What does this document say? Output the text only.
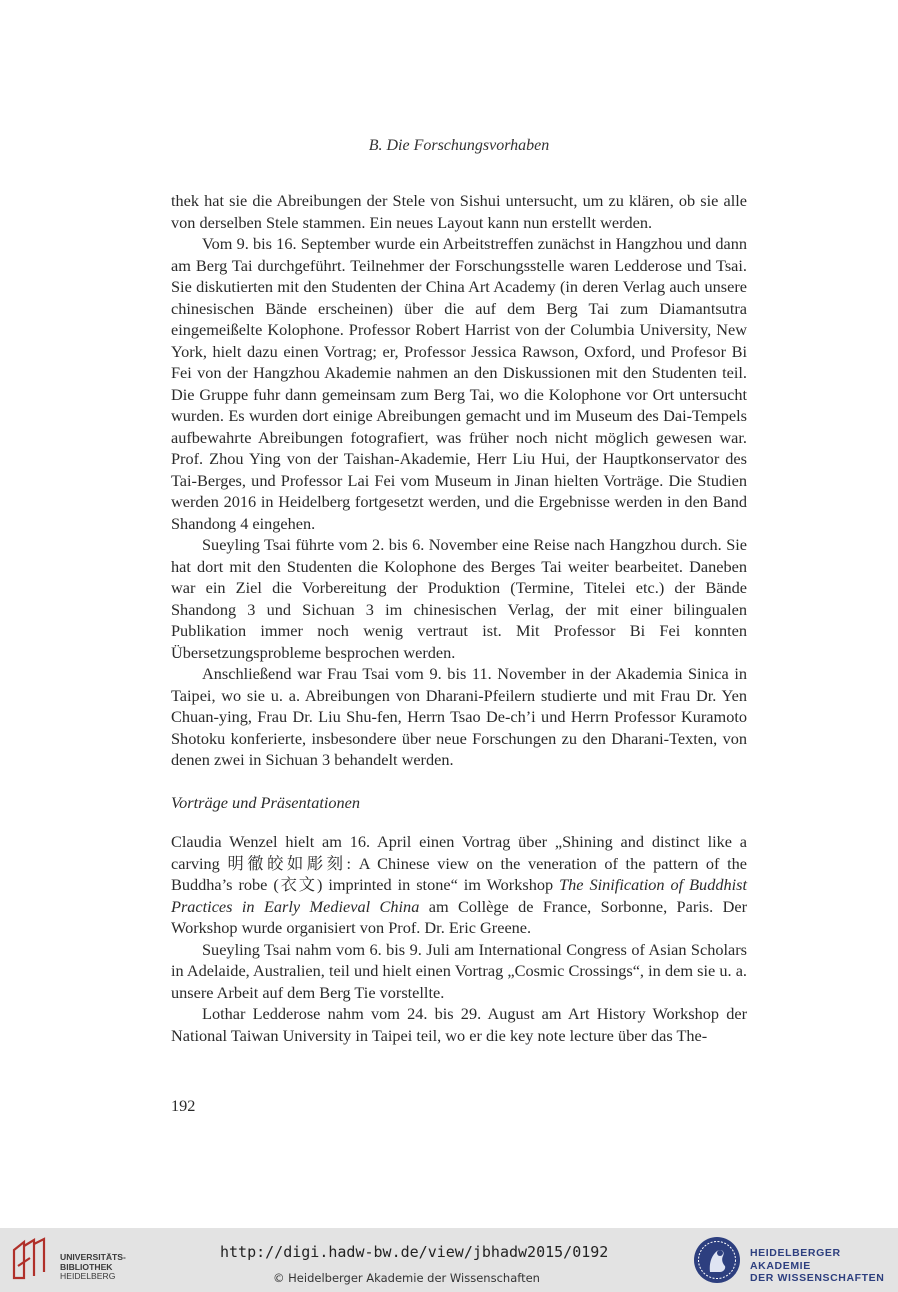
B. Die Forschungsvorhaben

thek hat sie die Abreibungen der Stele von Sishui untersucht, um zu klären, ob sie alle von derselben Stele stammen. Ein neues Layout kann nun erstellt werden.

Vom 9. bis 16. September wurde ein Arbeitstreffen zunächst in Hangzhou und dann am Berg Tai durchgeführt. Teilnehmer der Forschungsstelle waren Ledderose und Tsai. Sie diskutierten mit den Studenten der China Art Academy (in deren Verlag auch unsere chinesischen Bände erscheinen) über die auf dem Berg Tai zum Diamantsutra eingemeißelte Kolophone. Professor Robert Harrist von der Columbia University, New York, hielt dazu einen Vortrag; er, Professor Jessica Rawson, Oxford, und Profesor Bi Fei von der Hangzhou Akademie nahmen an den Diskussionen mit den Studenten teil. Die Gruppe fuhr dann gemeinsam zum Berg Tai, wo die Kolophone vor Ort untersucht wurden. Es wurden dort einige Abreibungen gemacht und im Museum des Dai-Tempels aufbewahrte Abreibungen fotografiert, was früher noch nicht möglich gewesen war. Prof. Zhou Ying von der Taishan-Akademie, Herr Liu Hui, der Hauptkonservator des Tai-Berges, und Professor Lai Fei vom Museum in Jinan hielten Vorträge. Die Studien werden 2016 in Heidelberg fortgesetzt werden, und die Ergebnisse werden in den Band Shandong 4 eingehen.

Sueyling Tsai führte vom 2. bis 6. November eine Reise nach Hangzhou durch. Sie hat dort mit den Studenten die Kolophone des Berges Tai weiter bearbeitet. Daneben war ein Ziel die Vorbereitung der Produktion (Termine, Titelei etc.) der Bände Shandong 3 und Sichuan 3 im chinesischen Verlag, der mit einer bilingualen Publikation immer noch wenig vertraut ist. Mit Professor Bi Fei konnten Übersetzungsprobleme besprochen werden.

Anschließend war Frau Tsai vom 9. bis 11. November in der Akademia Sinica in Taipei, wo sie u. a. Abreibungen von Dharani-Pfeilern studierte und mit Frau Dr. Yen Chuan-ying, Frau Dr. Liu Shu-fen, Herrn Tsao De-ch’i und Herrn Professor Kuramoto Shotoku konferierte, insbesondere über neue Forschungen zu den Dharani-Texten, von denen zwei in Sichuan 3 behandelt werden.

Vorträge und Präsentationen

Claudia Wenzel hielt am 16. April einen Vortrag über „Shining and distinct like a carving 明徹皎如彫刻: A Chinese view on the veneration of the pattern of the Buddha’s robe (衣文) imprinted in stone“ im Workshop The Sinification of Buddhist Practices in Early Medieval China am Collège de France, Sorbonne, Paris. Der Workshop wurde organisiert von Prof. Dr. Eric Greene.

Sueyling Tsai nahm vom 6. bis 9. Juli am International Congress of Asian Scholars in Adelaide, Australien, teil und hielt einen Vortrag „Cosmic Crossings“, in dem sie u. a. unsere Arbeit auf dem Berg Tie vorstellte.

Lothar Ledderose nahm vom 24. bis 29. August am Art History Workshop der National Taiwan University in Taipei teil, wo er die key note lecture über das The-

192
UNIVERSITÄTS-
BIBLIOTHEK
HEIDELBERG
http://digi.hadw-bw.de/view/jbhadw2015/0192
© Heidelberger Akademie der Wissenschaften
HEIDELBERGER AKADEMIE
DER WISSENSCHAFTEN
